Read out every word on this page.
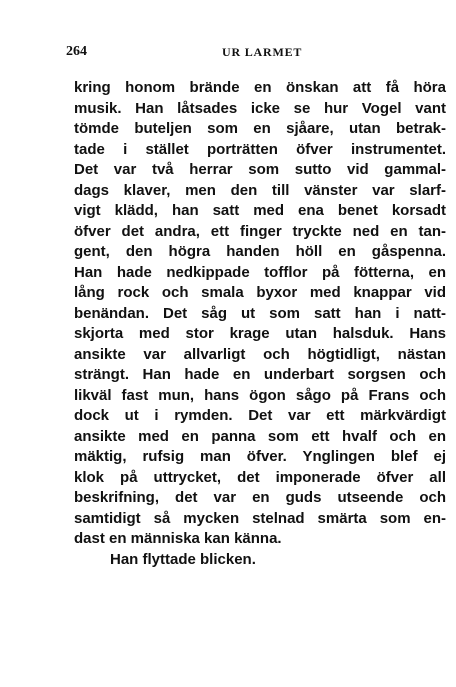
264	UR LARMET
kring honom brände en önskan att få höra
musik. Han låtsades icke se hur Vogel vant
tömde buteljen som en sjåare, utan betrak-
tade i stället porträtten öfver instrumentet.
Det var två herrar som sutto vid gammal-
dags klaver, men den till vänster var slarf-
vigt klädd, han satt med ena benet korsadt
öfver det andra, ett finger tryckte ned en tan-
gent, den högra handen höll en gåspenna.
Han hade nedkippade tofflor på fötterna, en
lång rock och smala byxor med knappar vid
benändan. Det såg ut som satt han i natt-
skjorta med stor krage utan halsduk. Hans
ansikte var allvarligt och högtidligt, nästan
strängt. Han hade en underbart sorgsen och
likväl fast mun, hans ögon sågo på Frans och
dock ut i rymden. Det var ett märkvärdigt
ansikte med en panna som ett hvalf och en
mäktig, rufsig man öfver. Ynglingen blef ej
klok på uttrycket, det imponerade öfver all
beskrifning, det var en guds utseende och
samtidigt så mycken stelnad smärta som en-
dast en människa kan känna.
Han flyttade blicken.
